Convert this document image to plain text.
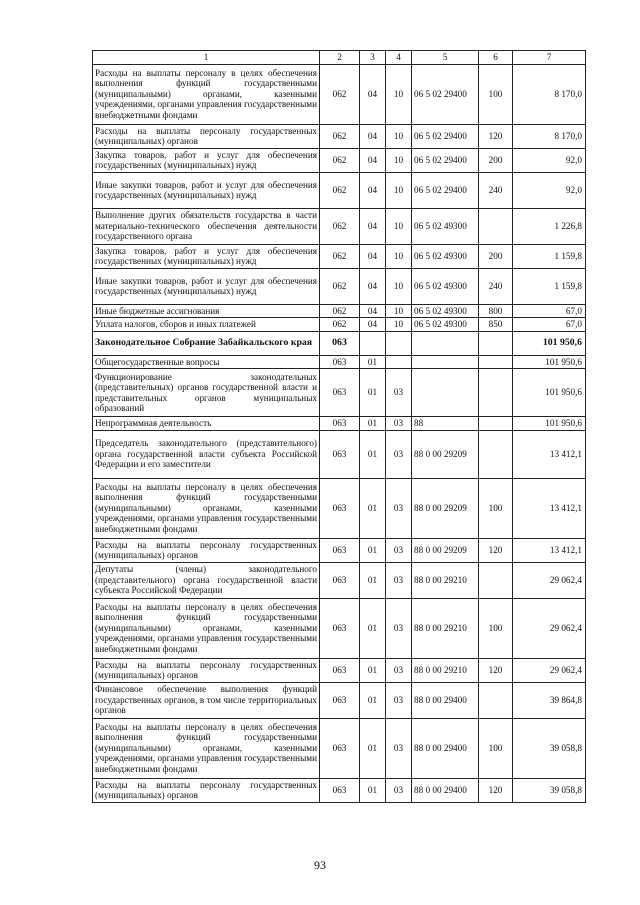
1	2	3	4	5	6	7
Расходы на выплаты персоналу в целях обеспечения выполнения функций государственными (муниципальными) органами, казенными учреждениями, органами управления государственными внебюджетными фондами	062	04	10	06 5 02 29400	100	8 170,0
Расходы на выплаты персоналу государственных (муниципальных) органов	062	04	10	06 5 02 29400	120	8 170,0
Закупка товаров, работ и услуг для обеспечения государственных (муниципальных) нужд	062	04	10	06 5 02 29400	200	92,0
Иные закупки товаров, работ и услуг для обеспечения государственных (муниципальных) нужд	062	04	10	06 5 02 29400	240	92,0
Выполнение других обязательств государства в части материально-технического обеспечения деятельности государственного органа	062	04	10	06 5 02 49300		1 226,8
Закупка товаров, работ и услуг для обеспечения государственных (муниципальных) нужд	062	04	10	06 5 02 49300	200	1 159,8
Иные закупки товаров, работ и услуг для обеспечения государственных (муниципальных) нужд	062	04	10	06 5 02 49300	240	1 159,8
Иные бюджетные ассигнования	062	04	10	06 5 02 49300	800	67,0
Уплата налогов, сборов и иных платежей	062	04	10	06 5 02 49300	850	67,0
Законодательное Собрание Забайкальского края	063					101 950,6
Общегосударственные вопросы	063	01				101 950,6
Функционирование законодательных (представительных) органов государственной власти и представительных органов муниципальных образований	063	01	03			101 950,6
Непрограммная деятельность	063	01	03	88		101 950,6
Председатель законодательного (представительного) органа государственной власти субъекта Российской Федерации и его заместители	063	01	03	88 0 00 29209		13 412,1
Расходы на выплаты персоналу в целях обеспечения выполнения функций государственными (муниципальными) органами, казенными учреждениями, органами управления государственными внебюджетными фондами	063	01	03	88 0 00 29209	100	13 412,1
Расходы на выплаты персоналу государственных (муниципальных) органов	063	01	03	88 0 00 29209	120	13 412,1
Депутаты (члены) законодательного (представительного) органа государственной власти субъекта Российской Федерации	063	01	03	88 0 00 29210		29 062,4
Расходы на выплаты персоналу в целях обеспечения выполнения функций государственными (муниципальными) органами, казенными учреждениями, органами управления государственными внебюджетными фондами	063	01	03	88 0 00 29210	100	29 062,4
Расходы на выплаты персоналу государственных (муниципальных) органов	063	01	03	88 0 00 29210	120	29 062,4
Финансовое обеспечение выполнения функций государственных органов, в том числе территориальных органов	063	01	03	88 0 00 29400		39 864,8
Расходы на выплаты персоналу в целях обеспечения выполнения функций государственными (муниципальными) органами, казенными учреждениями, органами управления государственными внебюджетными фондами	063	01	03	88 0 00 29400	100	39 058,8
Расходы на выплаты персоналу государственных (муниципальных) органов	063	01	03	88 0 00 29400	120	39 058,8
93
